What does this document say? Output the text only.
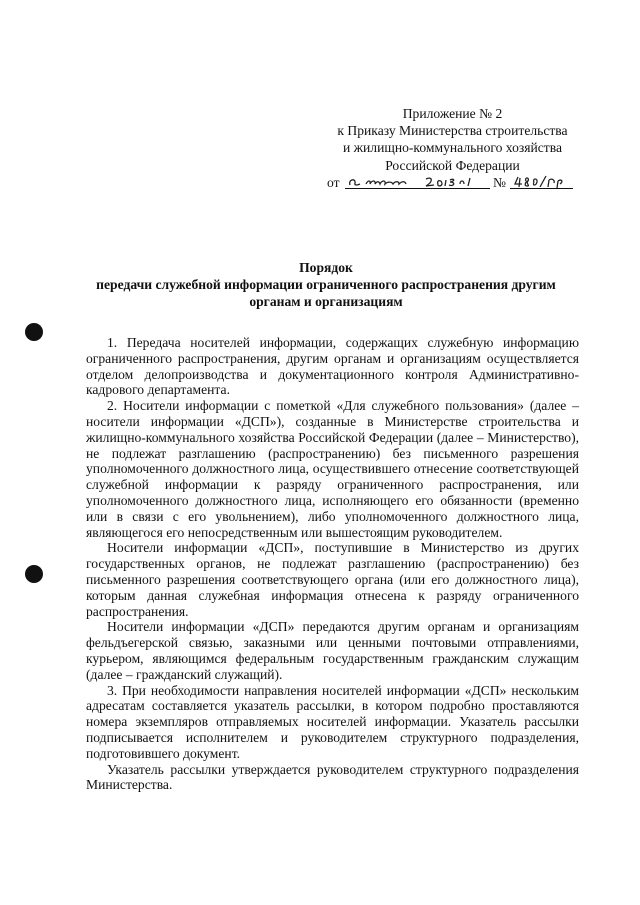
Приложение № 2
к Приказу Министерства строительства
и жилищно-коммунального хозяйства
Российской Федерации
от	№
Порядок
передачи служебной информации ограниченного распространения другим
органам и организациям

1. Передача носителей информации, содержащих служебную информацию ограниченного распространения, другим органам и организациям осуществляется отделом делопроизводства и документационного контроля Административно-кадрового департамента.

2. Носители информации с пометкой «Для служебного пользования» (далее – носители информации «ДСП»), созданные в Министерстве строительства и жилищно-коммунального хозяйства Российской Федерации (далее – Министерство), не подлежат разглашению (распространению) без письменного разрешения уполномоченного должностного лица, осуществившего отнесение соответствующей служебной информации к разряду ограниченного распространения, или уполномоченного должностного лица, исполняющего его обязанности (временно или в связи с его увольнением), либо уполномоченного должностного лица, являющегося его непосредственным или вышестоящим руководителем.

Носители информации «ДСП», поступившие в Министерство из других государственных органов, не подлежат разглашению (распространению) без письменного разрешения соответствующего органа (или его должностного лица), которым данная служебная информация отнесена к разряду ограниченного распространения.

Носители информации «ДСП» передаются другим органам и организациям фельдъегерской связью, заказными или ценными почтовыми отправлениями, курьером, являющимся федеральным государственным гражданским служащим (далее – гражданский служащий).

3. При необходимости направления носителей информации «ДСП» нескольким адресатам составляется указатель рассылки, в котором подробно проставляются номера экземпляров отправляемых носителей информации. Указатель рассылки подписывается исполнителем и руководителем структурного подразделения, подготовившего документ.

Указатель рассылки утверждается руководителем структурного подразделения Министерства.
